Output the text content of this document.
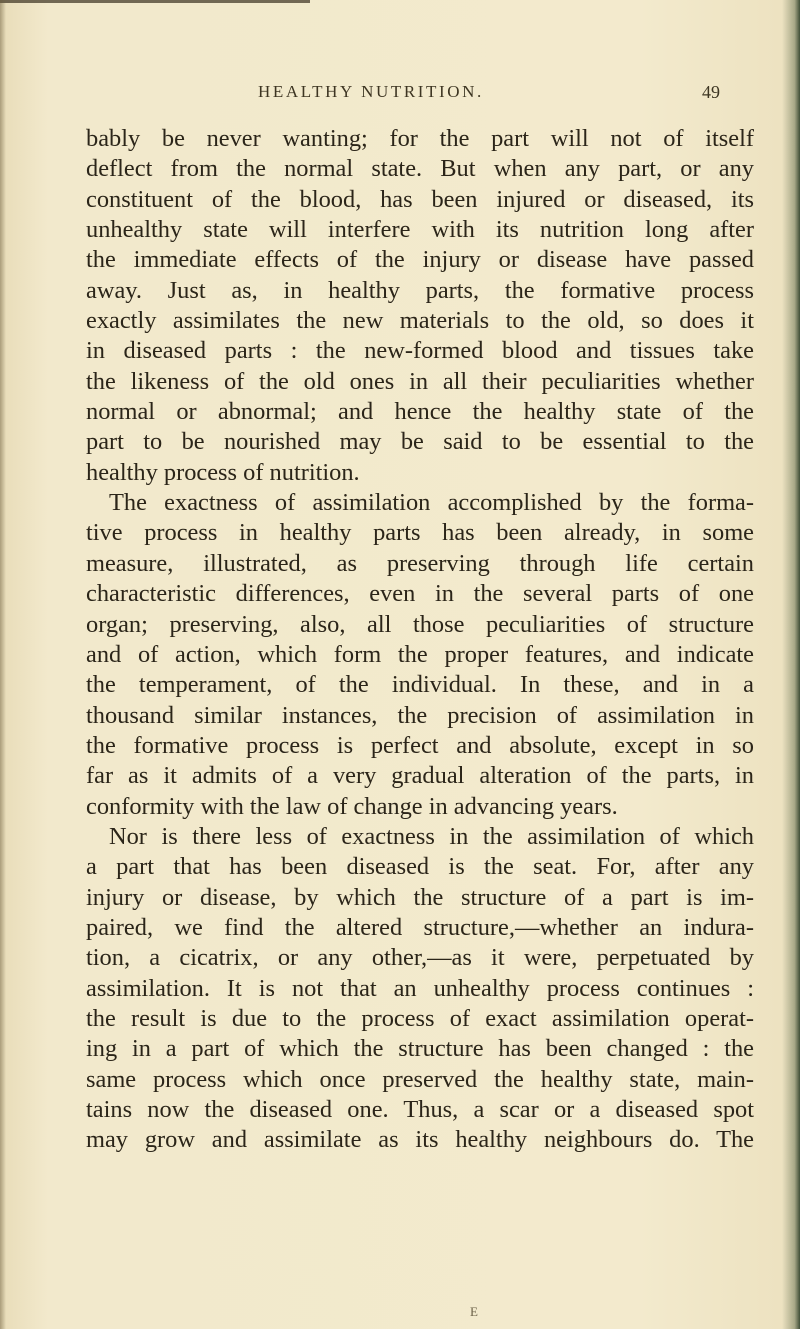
HEALTHY NUTRITION.	49
bably be never wanting; for the part will not of itself
deflect from the normal state. But when any part, or any
constituent of the blood, has been injured or diseased, its
unhealthy state will interfere with its nutrition long after
the immediate effects of the injury or disease have passed
away. Just as, in healthy parts, the formative process
exactly assimilates the new materials to the old, so does it
in diseased parts : the new-formed blood and tissues take
the likeness of the old ones in all their peculiarities whether
normal or abnormal; and hence the healthy state of the
part to be nourished may be said to be essential to the
healthy process of nutrition.
The exactness of assimilation accomplished by the forma-
tive process in healthy parts has been already, in some
measure, illustrated, as preserving through life certain
characteristic differences, even in the several parts of one
organ; preserving, also, all those peculiarities of structure
and of action, which form the proper features, and indicate
the temperament, of the individual. In these, and in a
thousand similar instances, the precision of assimilation in
the formative process is perfect and absolute, except in so
far as it admits of a very gradual alteration of the parts, in
conformity with the law of change in advancing years.
Nor is there less of exactness in the assimilation of which
a part that has been diseased is the seat. For, after any
injury or disease, by which the structure of a part is im-
paired, we find the altered structure,—whether an indura-
tion, a cicatrix, or any other,—as it were, perpetuated by
assimilation. It is not that an unhealthy process continues :
the result is due to the process of exact assimilation operat-
ing in a part of which the structure has been changed : the
same process which once preserved the healthy state, main-
tains now the diseased one. Thus, a scar or a diseased spot
may grow and assimilate as its healthy neighbours do. The
E
